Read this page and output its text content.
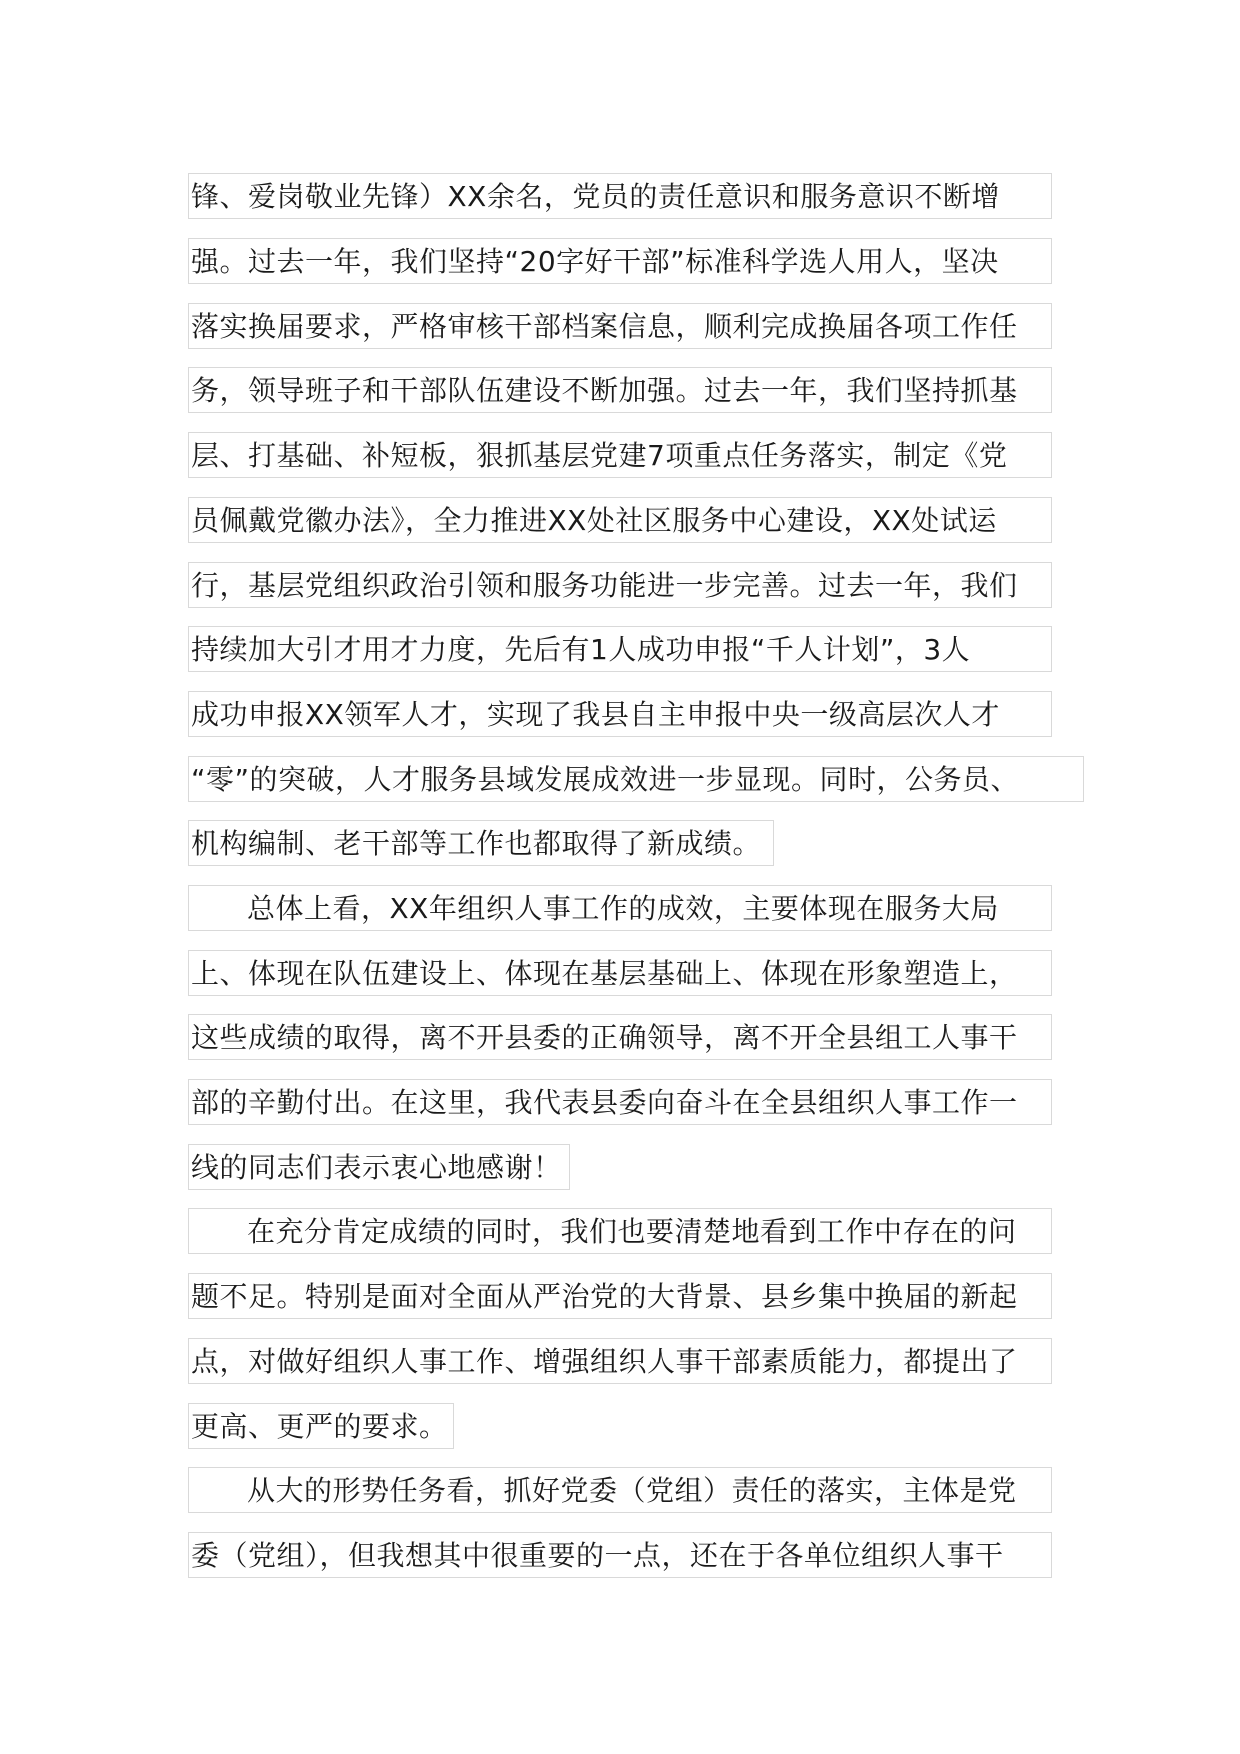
锋、爱岗敬业先锋）XX余名，党员的责任意识和服务意识不断增
强。过去一年，我们坚持“20字好干部”标准科学选人用人，坚决
落实换届要求，严格审核干部档案信息，顺利完成换届各项工作任
务，领导班子和干部队伍建设不断加强。过去一年，我们坚持抓基
层、打基础、补短板，狠抓基层党建7项重点任务落实，制定《党
员佩戴党徽办法》，全力推进XX处社区服务中心建设，XX处试运
行，基层党组织政治引领和服务功能进一步完善。过去一年，我们
持续加大引才用才力度，先后有1人成功申报“千人计划”，3人
成功申报XX领军人才，实现了我县自主申报中央一级高层次人才
“零”的突破，人才服务县域发展成效进一步显现。同时，公务员、
机构编制、老干部等工作也都取得了新成绩。
总体上看，XX年组织人事工作的成效，主要体现在服务大局
上、体现在队伍建设上、体现在基层基础上、体现在形象塑造上，
这些成绩的取得，离不开县委的正确领导，离不开全县组工人事干
部的辛勤付出。在这里，我代表县委向奋斗在全县组织人事工作一
线的同志们表示衷心地感谢！
在充分肯定成绩的同时，我们也要清楚地看到工作中存在的问
题不足。特别是面对全面从严治党的大背景、县乡集中换届的新起
点，对做好组织人事工作、增强组织人事干部素质能力，都提出了
更高、更严的要求。
从大的形势任务看，抓好党委（党组）责任的落实，主体是党
委（党组），但我想其中很重要的一点，还在于各单位组织人事干
